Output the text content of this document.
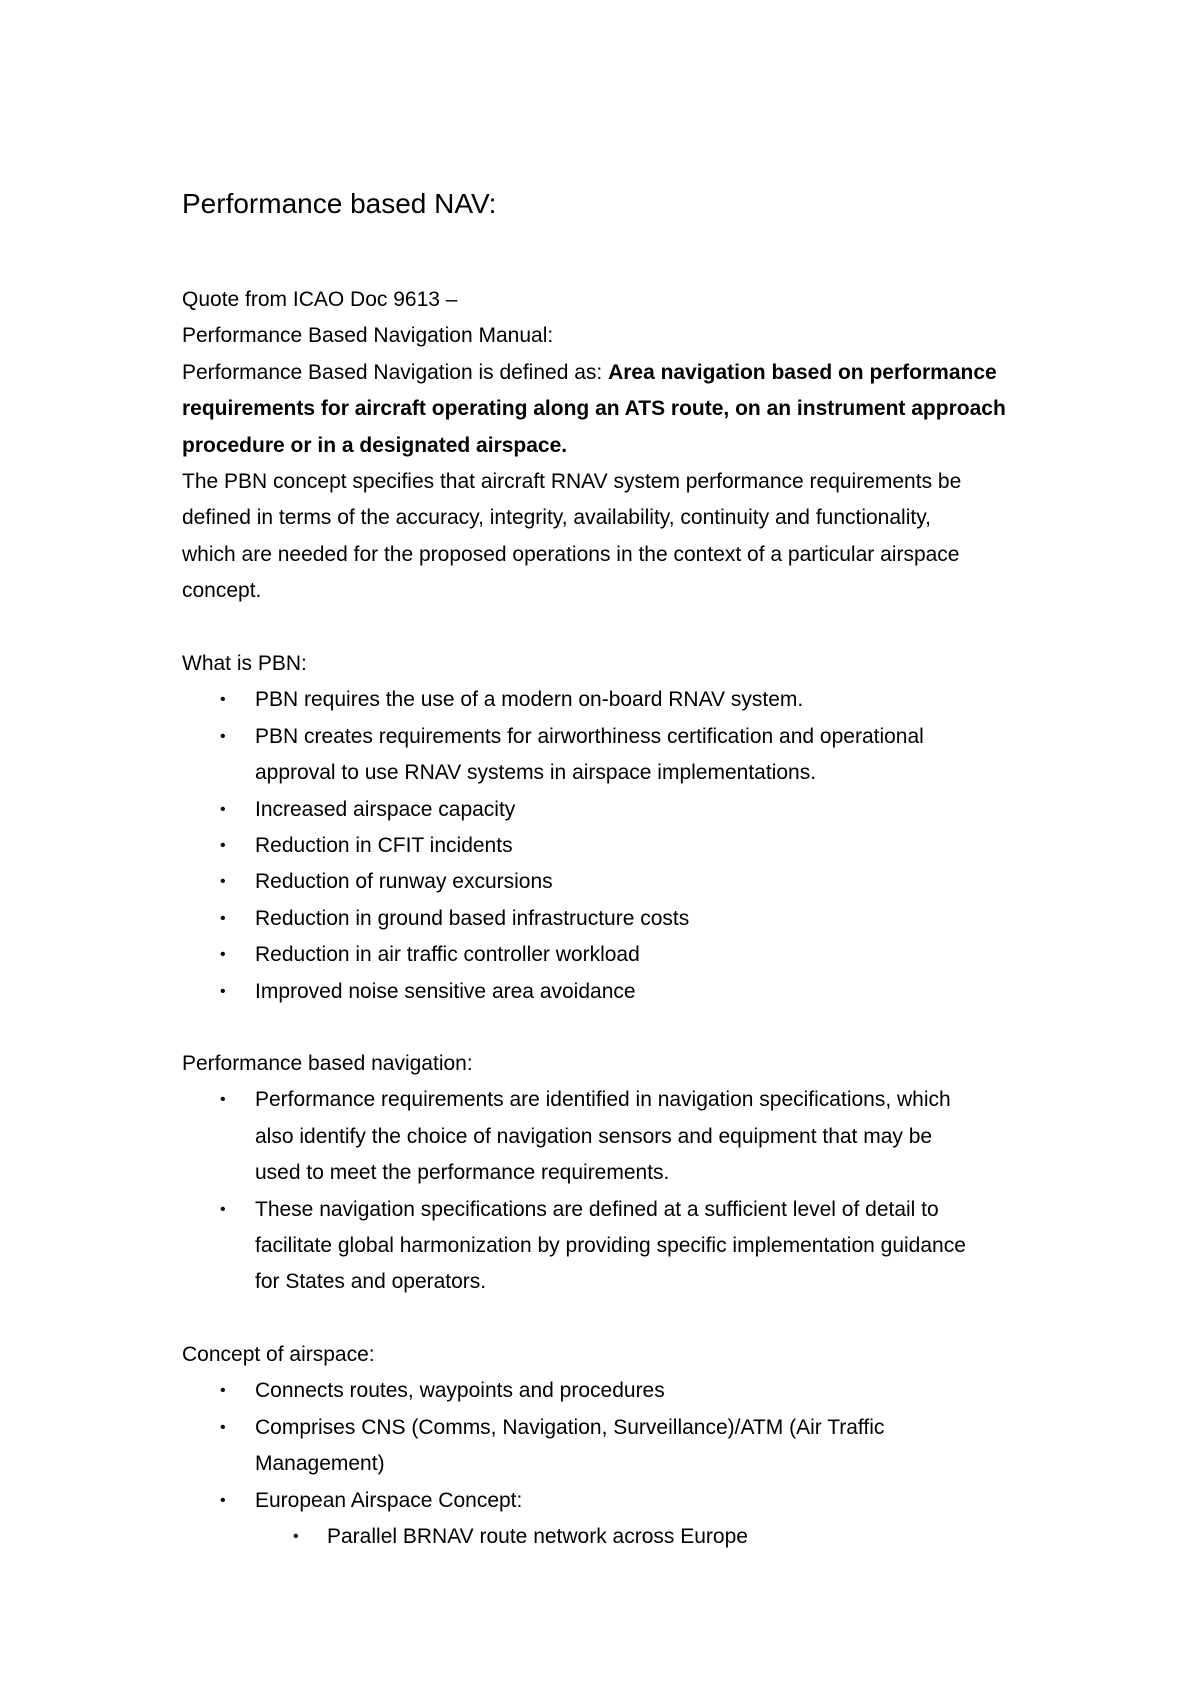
Performance based NAV:
Quote from ICAO Doc 9613 –
Performance Based Navigation Manual:
Performance Based Navigation is defined as: Area navigation based on performance
requirements for aircraft operating along an ATS route, on an instrument approach
procedure or in a designated airspace.
The PBN concept specifies that aircraft RNAV system performance requirements be
defined in terms of the accuracy, integrity, availability, continuity and functionality,
which are needed for the proposed operations in the context of a particular airspace
concept.
What is PBN:
• PBN requires the use of a modern on-board RNAV system.
• PBN creates requirements for airworthiness certification and operational
approval to use RNAV systems in airspace implementations.
• Increased airspace capacity
• Reduction in CFIT incidents
• Reduction of runway excursions
• Reduction in ground based infrastructure costs
• Reduction in air traffic controller workload
• Improved noise sensitive area avoidance
Performance based navigation:
• Performance requirements are identified in navigation specifications, which
also identify the choice of navigation sensors and equipment that may be
used to meet the performance requirements.
• These navigation specifications are defined at a sufficient level of detail to
facilitate global harmonization by providing specific implementation guidance
for States and operators.
Concept of airspace:
• Connects routes, waypoints and procedures
• Comprises CNS (Comms, Navigation, Surveillance)/ATM (Air Traffic
Management)
• European Airspace Concept:
• Parallel BRNAV route network across Europe
